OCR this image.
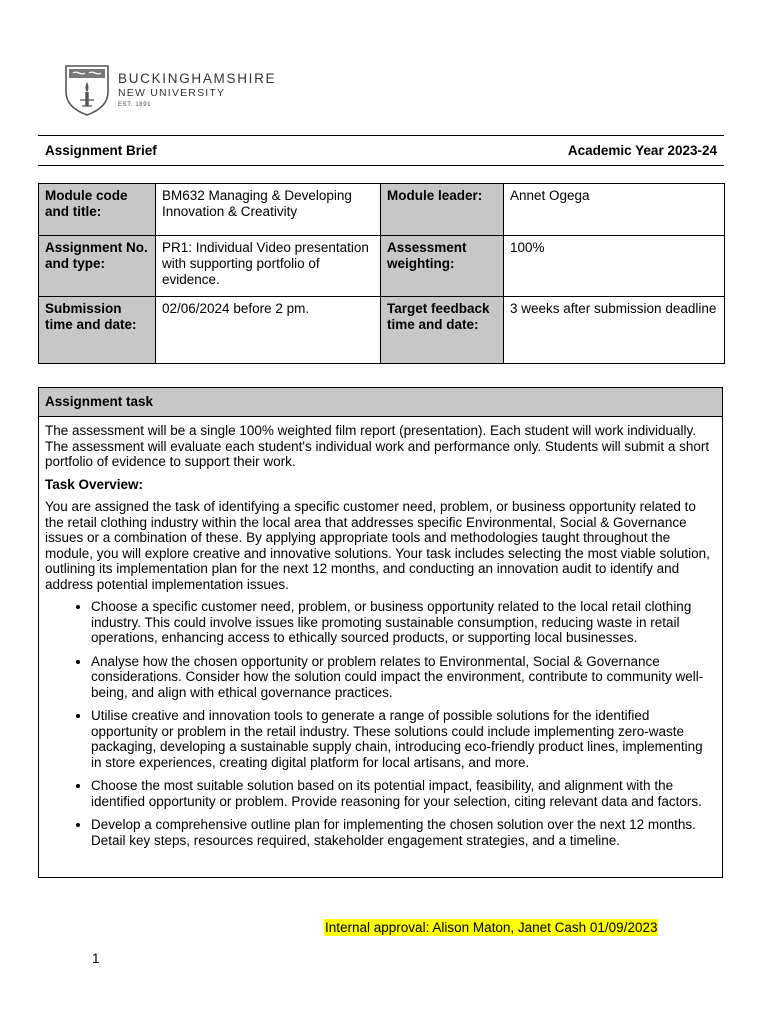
BUCKINGHAMSHIRE
NEW UNIVERSITY
EST. 1891
Assignment Brief	Academic Year 2023-24
Module code and title:	BM632 Managing & Developing Innovation & Creativity	Module leader:	Annet Ogega
Assignment No. and type:	PR1: Individual Video presentation with supporting portfolio of evidence.	Assessment weighting:	100%
Submission time and date:	02/06/2024 before 2 pm.	Target feedback time and date:	3 weeks after submission deadline
Assignment task

The assessment will be a single 100% weighted film report (presentation). Each student will work individually. The assessment will evaluate each student's individual work and performance only. Students will submit a short portfolio of evidence to support their work.

Task Overview:

You are assigned the task of identifying a specific customer need, problem, or business opportunity related to the retail clothing industry within the local area that addresses specific Environmental, Social & Governance issues or a combination of these. By applying appropriate tools and methodologies taught throughout the module, you will explore creative and innovative solutions. Your task includes selecting the most viable solution, outlining its implementation plan for the next 12 months, and conducting an innovation audit to identify and address potential implementation issues.

• Choose a specific customer need, problem, or business opportunity related to the local retail clothing industry. This could involve issues like promoting sustainable consumption, reducing waste in retail operations, enhancing access to ethically sourced products, or supporting local businesses.
• Analyse how the chosen opportunity or problem relates to Environmental, Social & Governance considerations. Consider how the solution could impact the environment, contribute to community well-being, and align with ethical governance practices.
• Utilise creative and innovation tools to generate a range of possible solutions for the identified opportunity or problem in the retail industry. These solutions could include implementing zero-waste packaging, developing a sustainable supply chain, introducing eco-friendly product lines, implementing in store experiences, creating digital platform for local artisans, and more.
• Choose the most suitable solution based on its potential impact, feasibility, and alignment with the identified opportunity or problem. Provide reasoning for your selection, citing relevant data and factors.
• Develop a comprehensive outline plan for implementing the chosen solution over the next 12 months. Detail key steps, resources required, stakeholder engagement strategies, and a timeline.
Internal approval: Alison Maton, Janet Cash 01/09/2023
1
